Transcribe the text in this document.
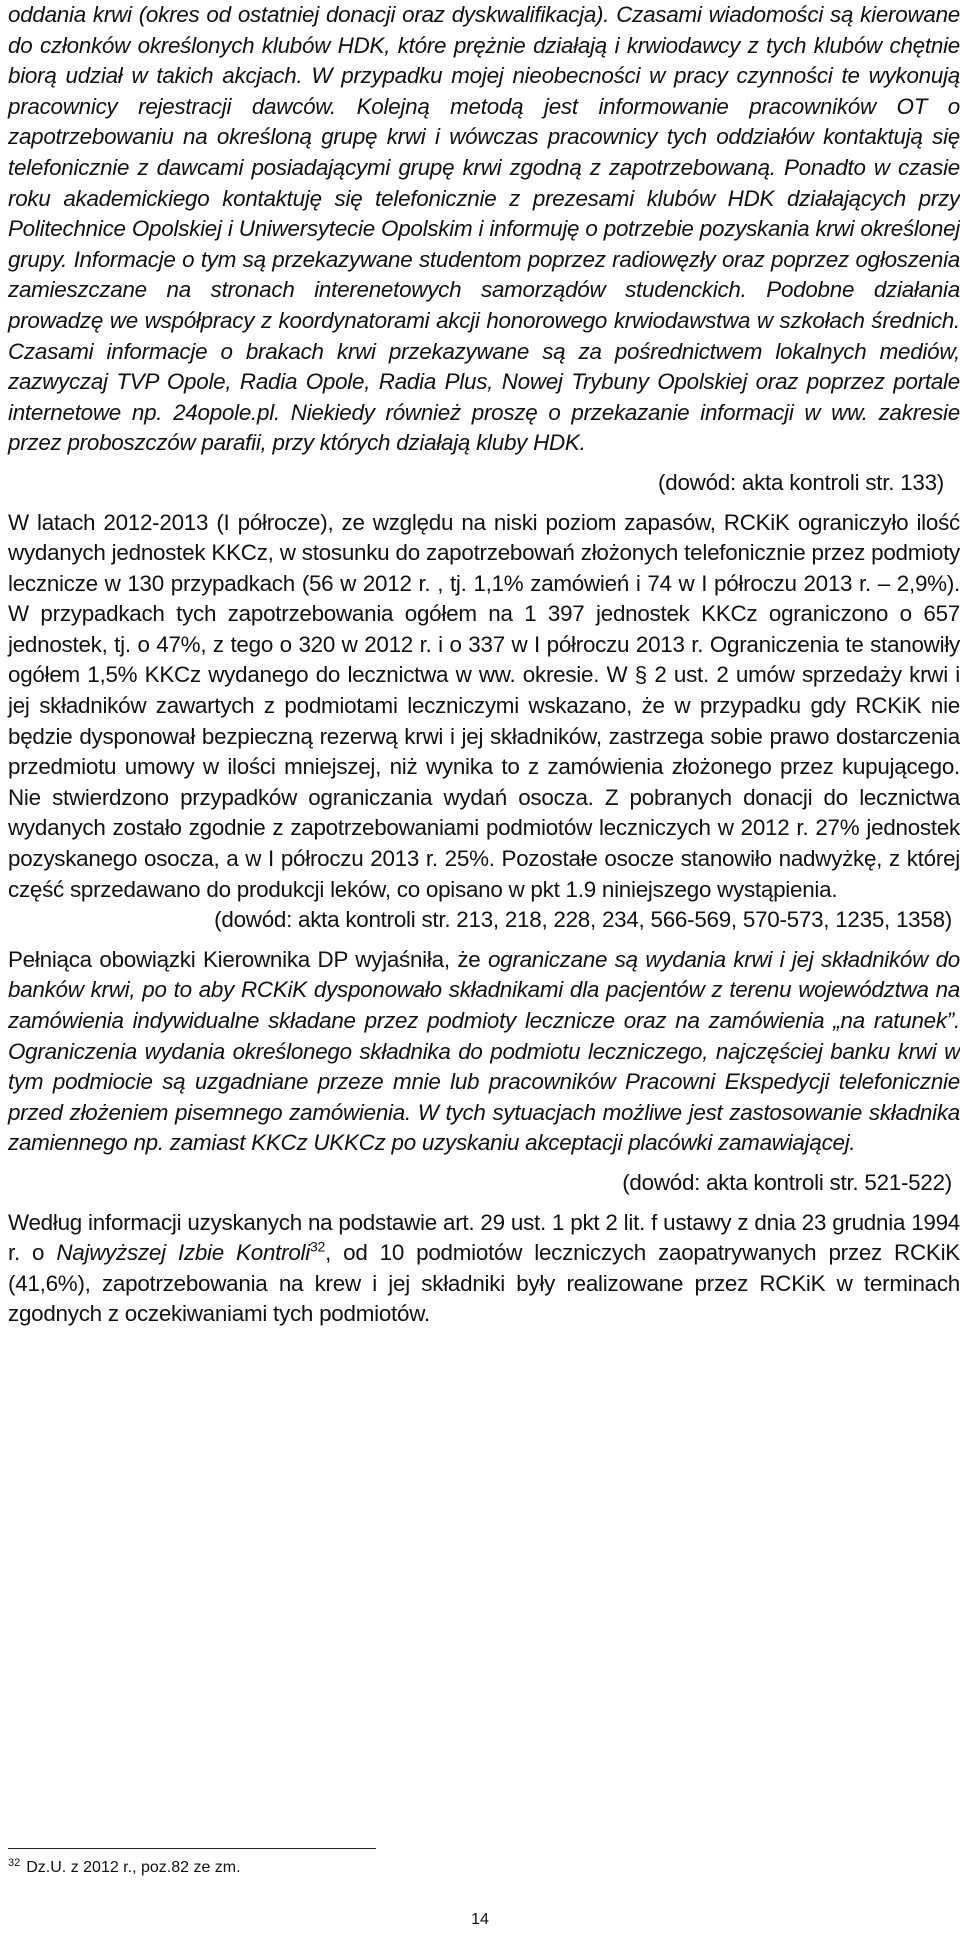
oddania krwi (okres od ostatniej donacji oraz dyskwalifikacja). Czasami wiadomości są kierowane do członków określonych klubów HDK, które prężnie działają i krwiodawcy z tych klubów chętnie biorą udział w takich akcjach. W przypadku mojej nieobecności w pracy czynności te wykonują pracownicy rejestracji dawców. Kolejną metodą jest informowanie pracowników OT o zapotrzebowaniu na określoną grupę krwi i wówczas pracownicy tych oddziałów kontaktują się telefonicznie z dawcami posiadającymi grupę krwi zgodną z zapotrzebowaną. Ponadto w czasie roku akademickiego kontaktuję się telefonicznie z prezesami klubów HDK działających przy Politechnice Opolskiej i Uniwersytecie Opolskim i informuję o potrzebie pozyskania krwi określonej grupy. Informacje o tym są przekazywane studentom poprzez radiowęzły oraz poprzez ogłoszenia zamieszczane na stronach interenetowych samorządów studenckich. Podobne działania prowadzę we współpracy z koordynatorami akcji honorowego krwiodawstwa w szkołach średnich. Czasami informacje o brakach krwi przekazywane są za pośrednictwem lokalnych mediów, zazwyczaj TVP Opole, Radia Opole, Radia Plus, Nowej Trybuny Opolskiej oraz poprzez portale internetowe np. 24opole.pl. Niekiedy również proszę o przekazanie informacji w ww. zakresie przez proboszczów parafii, przy których działają kluby HDK.

(dowód: akta kontroli str. 133)

W latach 2012-2013 (I półrocze), ze względu na niski poziom zapasów, RCKiK ograniczyło ilość wydanych jednostek KKCz, w stosunku do zapotrzebowań złożonych telefonicznie przez podmioty lecznicze w 130 przypadkach (56 w 2012 r. , tj. 1,1% zamówień i 74 w I półroczu 2013 r. – 2,9%). W przypadkach tych zapotrzebowania ogółem na 1 397 jednostek KKCz ograniczono o 657 jednostek, tj. o 47%, z tego o 320 w 2012 r. i o 337 w I półroczu 2013 r. Ograniczenia te stanowiły ogółem 1,5% KKCz wydanego do lecznictwa w ww. okresie. W § 2 ust. 2 umów sprzedaży krwi i jej składników zawartych z podmiotami leczniczymi wskazano, że w przypadku gdy RCKiK nie będzie dysponował bezpieczną rezerwą krwi i jej składników, zastrzega sobie prawo dostarczenia przedmiotu umowy w ilości mniejszej, niż wynika to z zamówienia złożonego przez kupującego. Nie stwierdzono przypadków ograniczania wydań osocza. Z pobranych donacji do lecznictwa wydanych zostało zgodnie z zapotrzebowaniami podmiotów leczniczych w 2012 r. 27% jednostek pozyskanego osocza, a w I półroczu 2013 r. 25%. Pozostałe osocze stanowiło nadwyżkę, z której część sprzedawano do produkcji leków, co opisano w pkt 1.9 niniejszego wystąpienia.

(dowód: akta kontroli str. 213, 218, 228, 234, 566-569, 570-573, 1235, 1358)

Pełniąca obowiązki Kierownika DP wyjaśniła, że ograniczane są wydania krwi i jej składników do banków krwi, po to aby RCKiK dysponowało składnikami dla pacjentów z terenu województwa na zamówienia indywidualne składane przez podmioty lecznicze oraz na zamówienia „na ratunek”. Ograniczenia wydania określonego składnika do podmiotu leczniczego, najczęściej banku krwi w tym podmiocie są uzgadniane przeze mnie lub pracowników Pracowni Ekspedycji telefonicznie przed złożeniem pisemnego zamówienia. W tych sytuacjach możliwe jest zastosowanie składnika zamiennego np. zamiast KKCz UKKCz po uzyskaniu akceptacji placówki zamawiającej.

(dowód: akta kontroli str. 521-522)

Według informacji uzyskanych na podstawie art. 29 ust. 1 pkt 2 lit. f ustawy z dnia 23 grudnia 1994 r. o Najwyższej Izbie Kontroli$^{32}$, od 10 podmiotów leczniczych zaopatrywanych przez RCKiK (41,6%), zapotrzebowania na krew i jej składniki były realizowane przez RCKiK w terminach zgodnych z oczekiwaniami tych podmiotów.

$^{32}$ Dz.U. z 2012 r., poz.82 ze zm.
14
